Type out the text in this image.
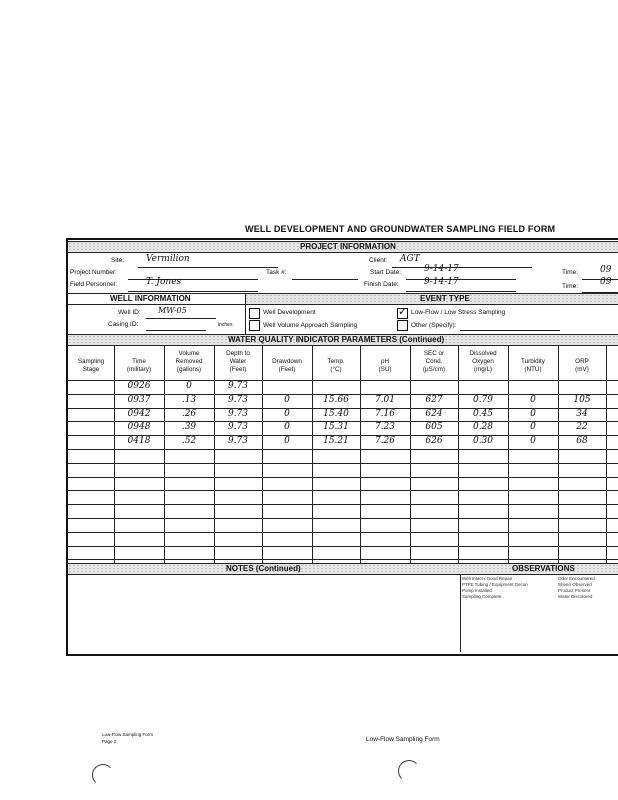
WELL DEVELOPMENT AND GROUNDWATER SAMPLING FIELD FORM
PROJECT INFORMATION
Site: Vermilion	Client: AGT
Project Number:	Task #:	Start Date:	9-14-17	Time: 09
Field Personnel:	T. Jones	Finish Date:	9-14-17	Time: 09
WELL INFORMATION	EVENT TYPE
Well ID: MW-05
Casing ID:	inches
Well Development
Well Volume Approach Sampling
✓ Low-Flow / Low Stress Sampling
Other (Specify):
WATER QUALITY INDICATOR PARAMETERS (Continued)
Sampling
Stage
Time
(military)
Volume
Removed
(gallons)
Depth to
Water
(Feet)
Drawdown
(Feet)
Temp.
(°C)
pH
(SU)
SEC or
Cond.
(µS/cm)
Dissolved
Oxygen
(mg/L)
Turbidity
(NTU)
ORP
(mV)
0926	0	9.73
0937	.13	9.73	0	15.66	7.01	627	0.79	0	105
0942	.26	9.73	0	15.40	7.16	624	0.45	0	34
0948	.39	9.73	0	15.31	7.23	605	0.28	0	22
0418	.52	9.73	0	15.21	7.26	626	0.30	0	68
NOTES (Continued)	OBSERVATIONS
Well Intact / Good Repair
PTFE Tubing / Equipment Decon
Pump Installed
Sampling Complete
Odor Encountered
Sheen Observed
Product Present
Water Discolored
Low-Flow Sampling Form
Page 2	Low-Flow Sampling Form
